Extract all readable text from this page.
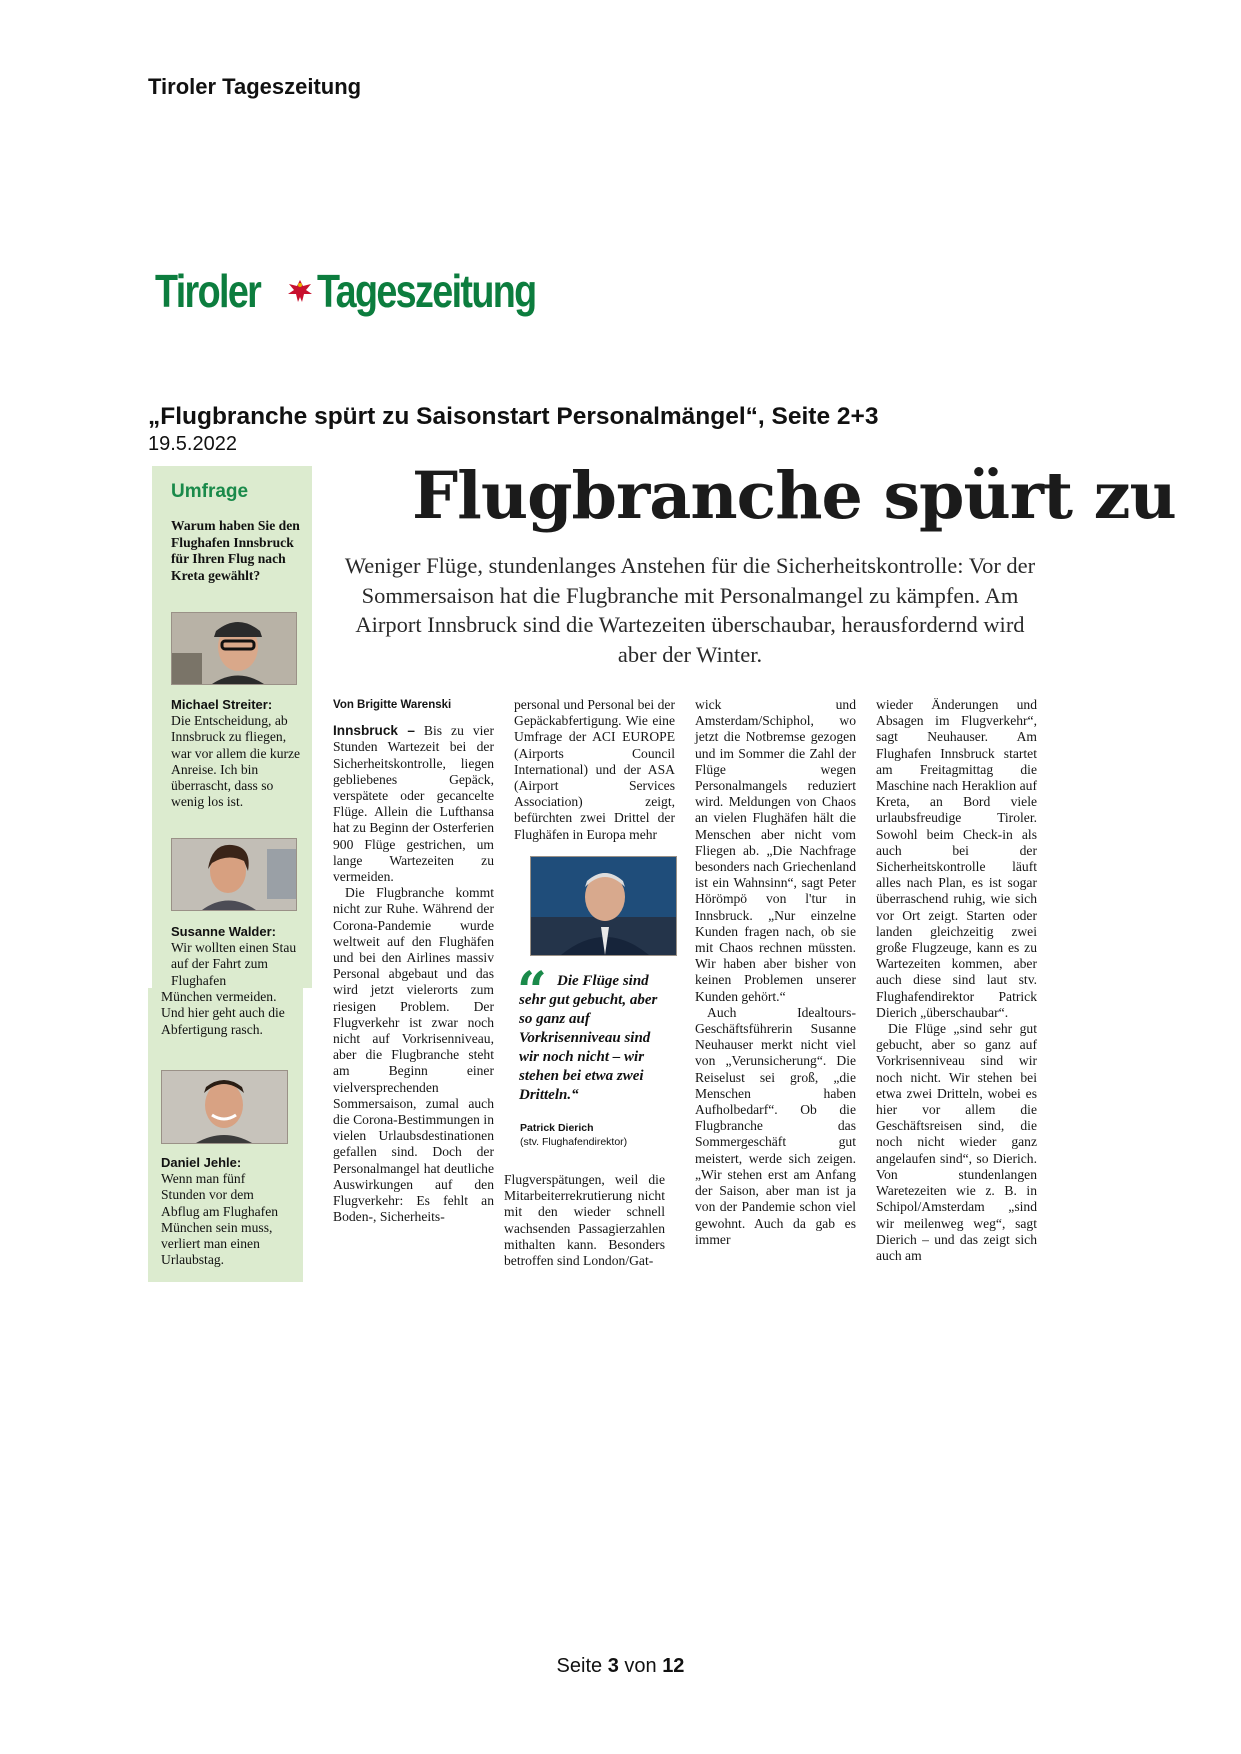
Tiroler Tageszeitung
Tiroler Tageszeitung
„Flugbranche spürt zu Saisonstart Personalmängel“, Seite 2+3
19.5.2022
Umfrage
Warum haben Sie den Flughafen Innsbruck für Ihren Flug nach Kreta gewählt?
Michael Streiter:
Die Entscheidung, ab Innsbruck zu fliegen, war vor allem die kurze Anreise. Ich bin überrascht, dass so wenig los ist.
Susanne Walder:
Wir wollten einen Stau auf der Fahrt zum Flughafen
München vermeiden. Und hier geht auch die Abfertigung rasch.
Daniel Jehle:
Wenn man fünf Stunden vor dem Abflug am Flughafen München sein muss, verliert man einen Urlaubstag.
Flugbranche spürt zu
Weniger Flüge, stundenlanges Anstehen für die Sicherheitskontrolle: Vor der Sommersaison hat die Flugbranche mit Personalmangel zu kämpfen. Am Airport Innsbruck sind die Wartezeiten überschaubar, herausfordernd wird aber der Winter.
Von Brigitte Warenski

Innsbruck – Bis zu vier Stunden Wartezeit bei der Sicherheitskontrolle, liegen gebliebenes Gepäck, verspätete oder gecancelte Flüge. Allein die Lufthansa hat zu Beginn der Osterferien 900 Flüge gestrichen, um lange Wartezeiten zu vermeiden.

Die Flugbranche kommt nicht zur Ruhe. Während der Corona-Pandemie wurde weltweit auf den Flughäfen und bei den Airlines massiv Personal abgebaut und das wird jetzt vielerorts zum riesigen Problem. Der Flugverkehr ist zwar noch nicht auf Vorkrisenniveau, aber die Flugbranche steht am Beginn einer vielversprechenden Sommersaison, zumal auch die Corona-Bestimmungen in vielen Urlaubsdestinationen gefallen sind. Doch der Personalmangel hat deutliche Auswirkungen auf den Flugverkehr: Es fehlt an Boden-, Sicherheits-

personal und Personal bei der Gepäckabfertigung. Wie eine Umfrage der ACI EUROPE (Airports Council International) und der ASA (Airport Services Association) zeigt, befürchten zwei Drittel der Flughäfen in Europa mehr

“ Die Flüge sind sehr gut gebucht, aber so ganz auf Vorkrisenniveau sind wir noch nicht – wir stehen bei etwa zwei Dritteln.“
Patrick Dierich
(stv. Flughafendirektor)

Flugverspätungen, weil die Mitarbeiterrekrutierung nicht mit den wieder schnell wachsenden Passagierzahlen mithalten kann. Besonders betroffen sind London/Gat-

wick und Amsterdam/Schiphol, wo jetzt die Notbremse gezogen und im Sommer die Zahl der Flüge wegen Personalmangels reduziert wird. Meldungen von Chaos an vielen Flughäfen hält die Menschen aber nicht vom Fliegen ab. „Die Nachfrage besonders nach Griechenland ist ein Wahnsinn“, sagt Peter Hörömpö von l'tur in Innsbruck. „Nur einzelne Kunden fragen nach, ob sie mit Chaos rechnen müssten. Wir haben aber bisher von keinen Problemen unserer Kunden gehört.“

Auch Idealtours-Geschäftsführerin Susanne Neuhauser merkt nicht viel von „Verunsicherung“. Die Reiselust sei groß, „die Menschen haben Aufholbedarf“. Ob die Flugbranche das Sommergeschäft gut meistert, werde sich zeigen. „Wir stehen erst am Anfang der Saison, aber man ist ja von der Pandemie schon viel gewohnt. Auch da gab es immer

wieder Änderungen und Absagen im Flugverkehr“, sagt Neuhauser. Am Flughafen Innsbruck startet am Freitagmittag die Maschine nach Heraklion auf Kreta, an Bord viele urlaubsfreudige Tiroler. Sowohl beim Check-in als auch bei der Sicherheitskontrolle läuft alles nach Plan, es ist sogar überraschend ruhig, wie sich vor Ort zeigt. Starten oder landen gleichzeitig zwei große Flugzeuge, kann es zu Wartezeiten kommen, aber auch diese sind laut stv. Flughafendirektor Patrick Dierich „überschaubar“.

Die Flüge „sind sehr gut gebucht, aber so ganz auf Vorkrisenniveau sind wir noch nicht. Wir stehen bei etwa zwei Dritteln, wobei es hier vor allem die Geschäftsreisen sind, die noch nicht wieder ganz angelaufen sind“, so Dierich. Von stundenlangen Waretezeiten wie z. B. in Schipol/Amsterdam „sind wir meilenweg weg“, sagt Dierich – und das zeigt sich auch am

Seite 3 von 12
